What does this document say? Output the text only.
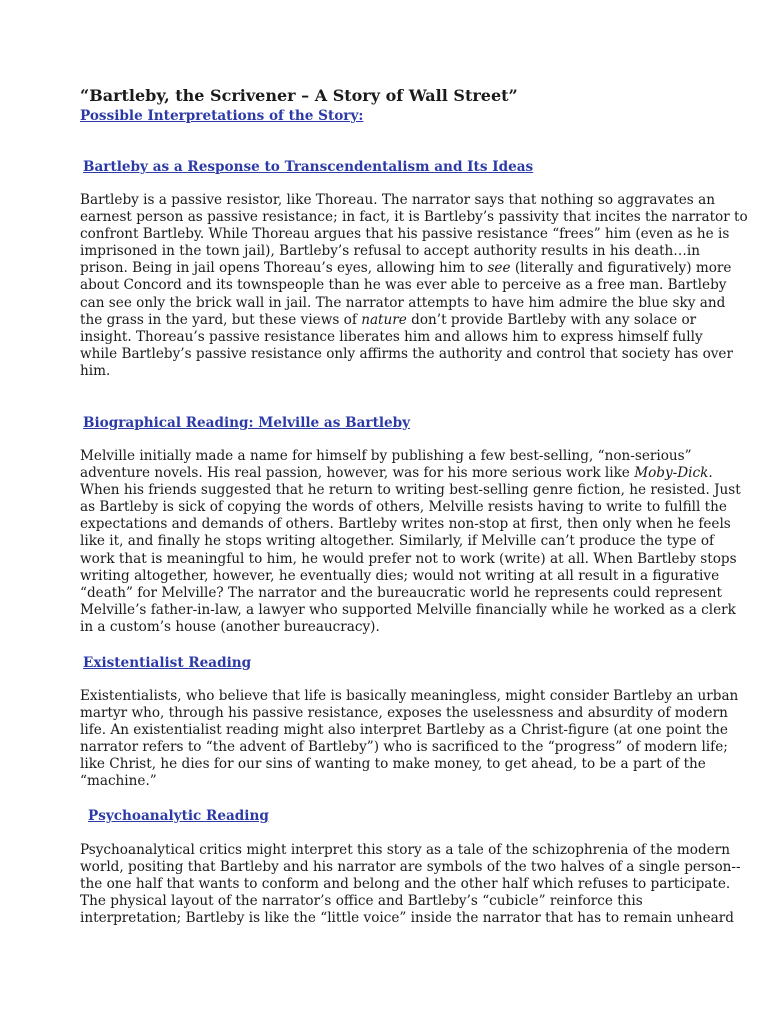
“Bartleby, the Scrivener – A Story of Wall Street”
Possible Interpretations of the Story:
Bartleby as a Response to Transcendentalism and Its Ideas
Bartleby is a passive resistor, like Thoreau. The narrator says that nothing so aggravates an
earnest person as passive resistance; in fact, it is Bartleby’s passivity that incites the narrator to
confront Bartleby. While Thoreau argues that his passive resistance “frees” him (even as he is
imprisoned in the town jail), Bartleby’s refusal to accept authority results in his death…in
prison. Being in jail opens Thoreau’s eyes, allowing him to see (literally and figuratively) more
about Concord and its townspeople than he was ever able to perceive as a free man. Bartleby
can see only the brick wall in jail. The narrator attempts to have him admire the blue sky and
the grass in the yard, but these views of nature don’t provide Bartleby with any solace or
insight. Thoreau’s passive resistance liberates him and allows him to express himself fully
while Bartleby’s passive resistance only affirms the authority and control that society has over
him.
Biographical Reading: Melville as Bartleby
Melville initially made a name for himself by publishing a few best-selling, “non-serious”
adventure novels. His real passion, however, was for his more serious work like Moby-Dick.
When his friends suggested that he return to writing best-selling genre fiction, he resisted. Just
as Bartleby is sick of copying the words of others, Melville resists having to write to fulfill the
expectations and demands of others. Bartleby writes non-stop at first, then only when he feels
like it, and finally he stops writing altogether. Similarly, if Melville can’t produce the type of
work that is meaningful to him, he would prefer not to work (write) at all. When Bartleby stops
writing altogether, however, he eventually dies; would not writing at all result in a figurative
“death” for Melville? The narrator and the bureaucratic world he represents could represent
Melville’s father-in-law, a lawyer who supported Melville financially while he worked as a clerk
in a custom’s house (another bureaucracy).
Existentialist Reading
Existentialists, who believe that life is basically meaningless, might consider Bartleby an urban
martyr who, through his passive resistance, exposes the uselessness and absurdity of modern
life. An existentialist reading might also interpret Bartleby as a Christ-figure (at one point the
narrator refers to “the advent of Bartleby”) who is sacrificed to the “progress” of modern life;
like Christ, he dies for our sins of wanting to make money, to get ahead, to be a part of the
“machine.”
Psychoanalytic Reading
Psychoanalytical critics might interpret this story as a tale of the schizophrenia of the modern
world, positing that Bartleby and his narrator are symbols of the two halves of a single person--
the one half that wants to conform and belong and the other half which refuses to participate.
The physical layout of the narrator’s office and Bartleby’s “cubicle” reinforce this
interpretation; Bartleby is like the “little voice” inside the narrator that has to remain unheard
